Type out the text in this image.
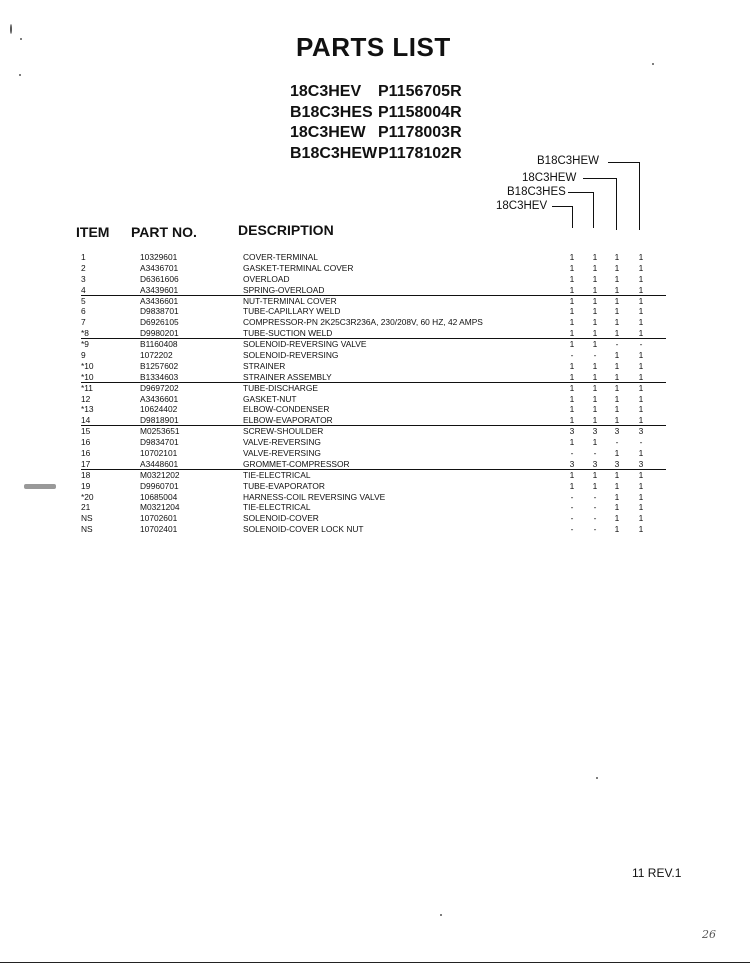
PARTS LIST
18C3HEV P1156705R
B18C3HES P1158004R
18C3HEW P1178003R
B18C3HEWP1178102R	B18C3HEW
18C3HEW
B18C3HES
18C3HEV
ITEM PART NO.	DESCRIPTION
1	10329601	COVER-TERMINAL	1	1	1	1
2	A3436701	GASKET-TERMINAL COVER	1	1	1	1
3	D6361606	OVERLOAD	1	1	1	1
4	A3439601	SPRING-OVERLOAD	1	1	1	1
5	A3436601	NUT-TERMINAL COVER	1	1	1	1
6	D9838701	TUBE-CAPILLARY WELD	1	1	1	1
7	D6926105	COMPRESSOR-PN 2K25C3R236A, 230/208V, 60 HZ, 42 AMPS	1	1	1	1
*8	D9980201	TUBE-SUCTION WELD	1	1	1	1
*9	B1160408	SOLENOID-REVERSING VALVE	1	1	-	-
9	1072202	SOLENOID-REVERSING	-	-	1	1
*10	B1257602	STRAINER	1	1	1	1
*10	B1334603	STRAINER ASSEMBLY	1	1	1	1
*11	D9697202	TUBE-DISCHARGE	1	1	1	1
12	A3436601	GASKET-NUT	1	1	1	1
*13	10624402	ELBOW-CONDENSER	1	1	1	1
14	D9818901	ELBOW-EVAPORATOR	1	1	1	1
15	M0253651	SCREW-SHOULDER	3	3	3	3
16	D9834701	VALVE-REVERSING	1	1	-	-
16	10702101	VALVE-REVERSING	-	-	1	1
17	A3448601	GROMMET-COMPRESSOR	3	3	3	3
18	M0321202	TIE-ELECTRICAL	1	1	1	1
19	D9960701	TUBE-EVAPORATOR	1	1	1	1
*20	10685004	HARNESS-COIL REVERSING VALVE	-	-	1	1
21	M0321204	TIE-ELECTRICAL	-	-	1	1
NS	10702601	SOLENOID-COVER	-	-	1	1
NS	10702401	SOLENOID-COVER LOCK NUT	-	-	1	1
11 REV.1
26
